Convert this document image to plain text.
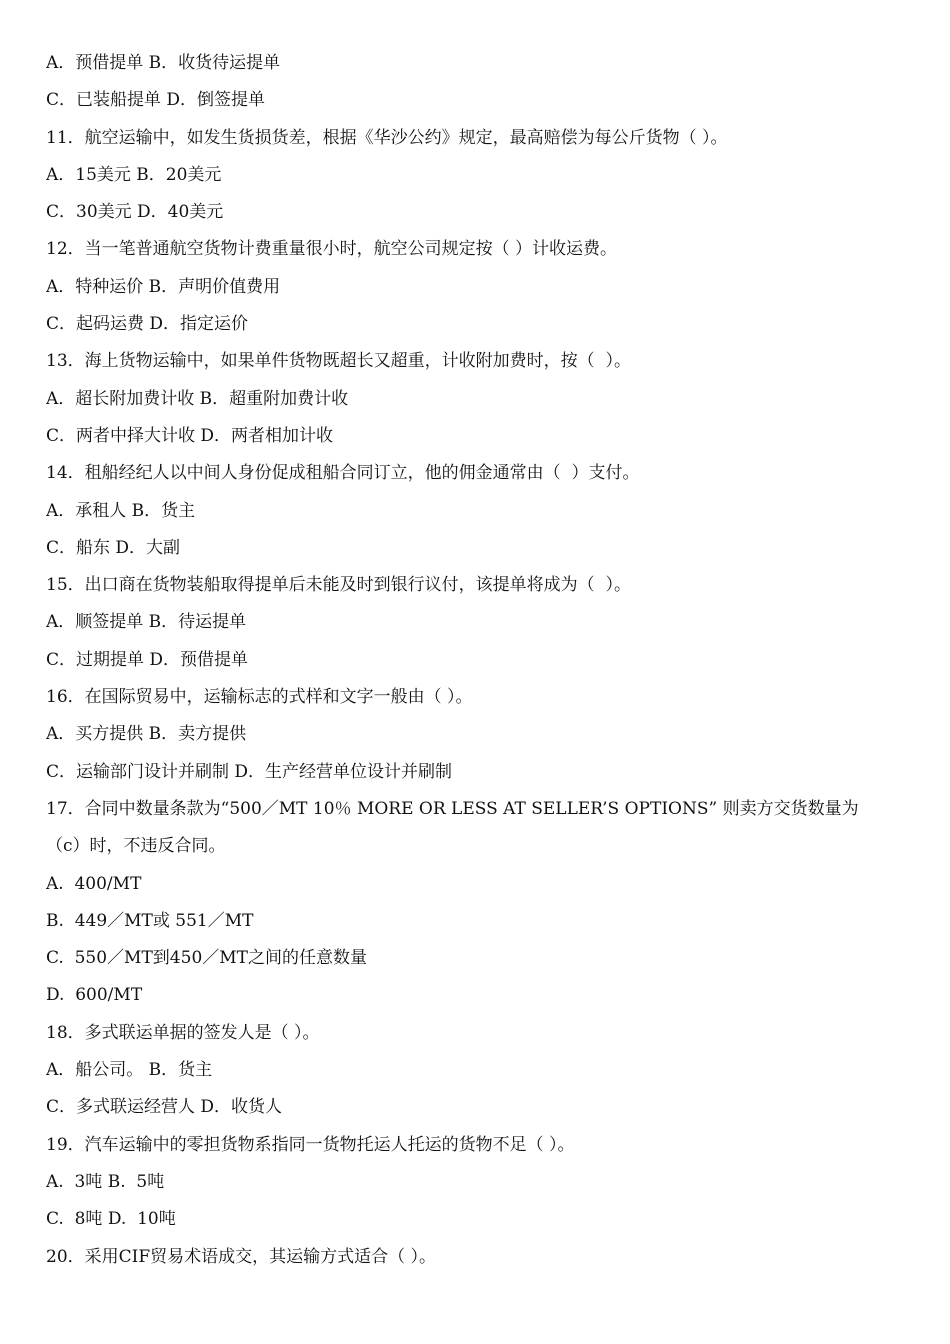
A．预借提单 B．收货待运提单
C．已装船提单 D．倒签提单
11．航空运输中，如发生货损货差，根据《华沙公约》规定，最高赔偿为每公斤货物（ ）。
A．15美元 B．20美元
C．30美元 D．40美元
12．当一笔普通航空货物计费重量很小时，航空公司规定按（ ）计收运费。
A．特种运价 B．声明价值费用
C．起码运费 D．指定运价
13．海上货物运输中，如果单件货物既超长又超重，计收附加费时，按（  ）。
A．超长附加费计收 B．超重附加费计收
C．两者中择大计收 D．两者相加计收
14．租船经纪人以中间人身份促成租船合同订立，他的佣金通常由（  ）支付。
A．承租人 B．货主
C．船东 D．大副
15．出口商在货物装船取得提单后未能及时到银行议付，该提单将成为（  ）。
A．顺签提单 B．待运提单
C．过期提单 D．预借提单
16．在国际贸易中，运输标志的式样和文字一般由（ ）。
A．买方提供 B．卖方提供
C．运输部门设计并刷制 D．生产经营单位设计并刷制
17．合同中数量条款为“500／MT 10％ MORE OR LESS AT SELLER’S OPTIONS” 则卖方交货数量为
（c）时，不违反合同。
A.  400/MT
B.  449／MT或 551／MT
C.  550／MT到450／MT之间的任意数量
D.  600/MT
18．多式联运单据的签发人是（ ）。
A．船公司。 B．货主
C．多式联运经营人 D．收货人
19．汽车运输中的零担货物系指同一货物托运人托运的货物不足（ ）。
A.  3吨 B.  5吨
C.  8吨 D.  10吨
20．采用CIF贸易术语成交，其运输方式适合（ ）。
